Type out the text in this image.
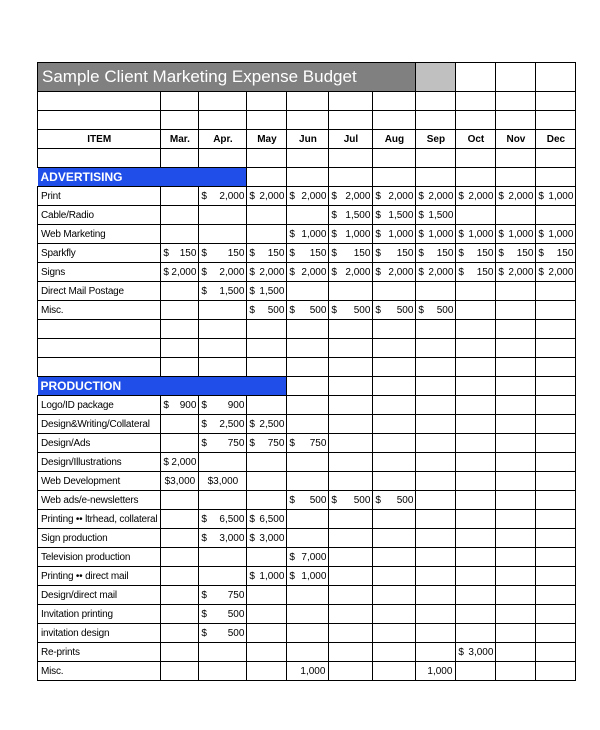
Sample Client Marketing Expense Budget										

ITEM	Mar.	Apr.	May	Jun	Jul	Aug	Sep	Oct	Nov	Dec

ADVERTISING										
Print		$ 2,000	$ 2,000	$ 2,000	$ 2,000	$ 2,000	$ 2,000	$ 2,000	$ 2,000	$ 1,000

Cable/Radio					$ 1,500	$ 1,500	$ 1,500			

Web Marketing				$ 1,000	$ 1,000	$ 1,000	$ 1,000	$ 1,000	$ 1,000	$ 1,000

Sparkfly	$ 150	$ 150	$ 150	$ 150	$ 150	$ 150	$ 150	$ 150	$ 150	$ 150

Signs	$ 2,000	$ 2,000	$ 2,000	$ 2,000	$ 2,000	$ 2,000	$ 2,000	$ 150	$ 2,000	$ 2,000

Direct Mail Postage		$ 1,500	$ 1,500							

Misc.			$ 500	$ 500	$ 500	$ 500	$ 500			

PRODUCTION										
Logo/ID package	$ 900	$ 900								

Design&Writing/Collateral		$ 2,500	$ 2,500							

Design/Ads		$ 750	$ 750	$ 750						

Design/Illustrations	$ 2,000									

Web Development	$3,000	$3,000								
Web ads/e-newsletters				$ 500	$ 500	$ 500				

Printing •• ltrhead, collateral		$ 6,500	$ 6,500							

Sign production		$ 3,000	$ 3,000							

Television production				$ 7,000						

Printing •• direct mail			$ 1,000	$ 1,000						

Design/direct mail		$ 750								

Invitation printing		$ 500								

invitation design		$ 500								

Re-prints								$ 3,000		

Misc.				1,000			1,000			
